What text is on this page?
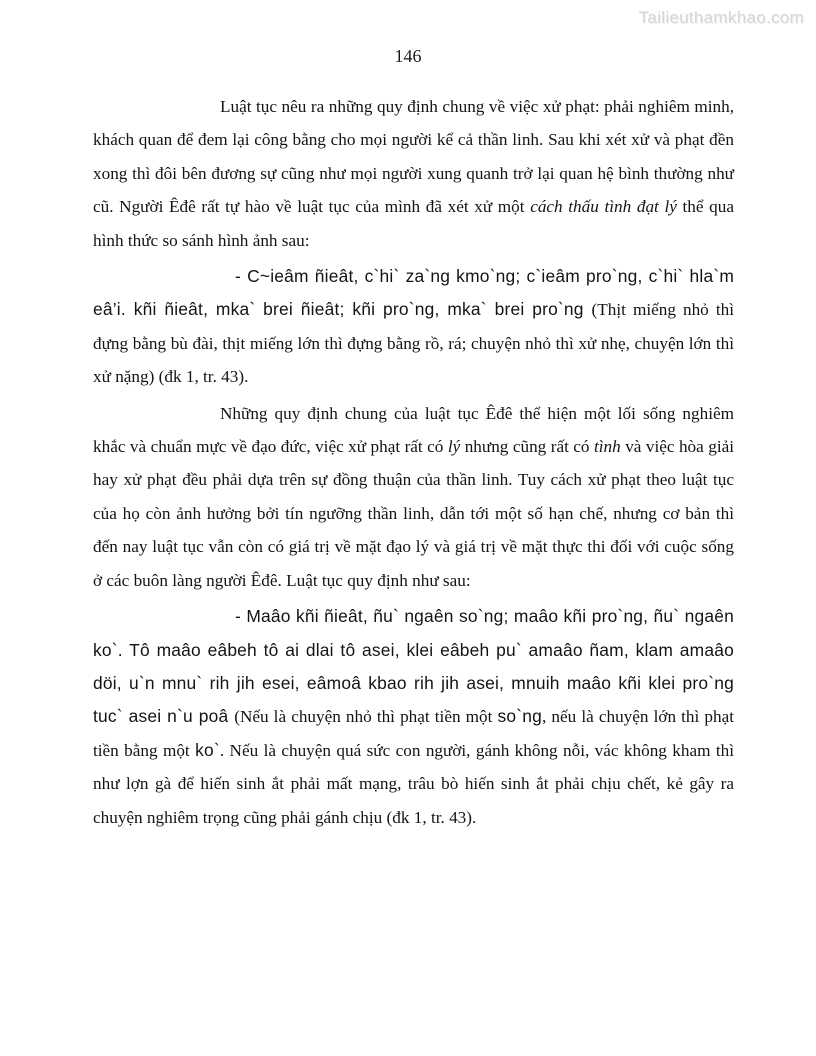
Tailieuthamkhao.com
146

Luật tục nêu ra những quy định chung về việc xử phạt: phải nghiêm minh, khách quan để đem lại công bằng cho mọi người kể cả thần linh. Sau khi xét xử và phạt đền xong thì đôi bên đương sự cũng như mọi người xung quanh trở lại quan hệ bình thường như cũ. Người Êđê rất tự hào về luật tục của mình đã xét xử một cách thấu tình đạt lý thể qua hình thức so sánh hình ảnh sau:

- C~ieâm ñieât, c`hi` za`ng kmo`ng; c`ieâm pro`ng, c`hi` hla`m eâ’i. kñi ñieât, mka` brei ñieât; kñi pro`ng, mka` brei pro`ng (Thịt miếng nhỏ thì đựng bằng bù đài, thịt miếng lớn thì đựng bằng rồ, rá; chuyện nhỏ thì xử nhẹ, chuyện lớn thì xử nặng) (đk 1, tr. 43).

Những quy định chung của luật tục Êđê thể hiện một lối sống nghiêm khắc và chuẩn mực về đạo đức, việc xử phạt rất có lý nhưng cũng rất có tình và việc hòa giải hay xử phạt đều phải dựa trên sự đồng thuận của thần linh. Tuy cách xử phạt theo luật tục của họ còn ảnh hưởng bởi tín ngưỡng thần linh, dẫn tới một số hạn chế, nhưng cơ bản thì đến nay luật tục vẫn còn có giá trị về mặt đạo lý và giá trị về mặt thực thi đối với cuộc sống ở các buôn làng người Êđê. Luật tục quy định như sau:

- Maâo kñi ñieât, ñu` ngaên so`ng; maâo kñi pro`ng, ñu` ngaên ko`. Tô maâo eâbeh tô ai dlai tô asei, klei eâbeh pu` amaâo ñam, klam amaâo döi, u`n mnu` rih jih esei, eâmoâ kbao rih jih asei, mnuih maâo kñi klei pro`ng tuc` asei n`u poâ (Nếu là chuyện nhỏ thì phạt tiền một so`ng, nếu là chuyện lớn thì phạt tiền bằng một ko`. Nếu là chuyện quá sức con người, gánh không nỗi, vác không kham thì như lợn gà để hiến sinh ắt phải mất mạng, trâu bò hiến sinh ắt phải chịu chết, kẻ gây ra chuyện nghiêm trọng cũng phải gánh chịu (đk 1, tr. 43).
